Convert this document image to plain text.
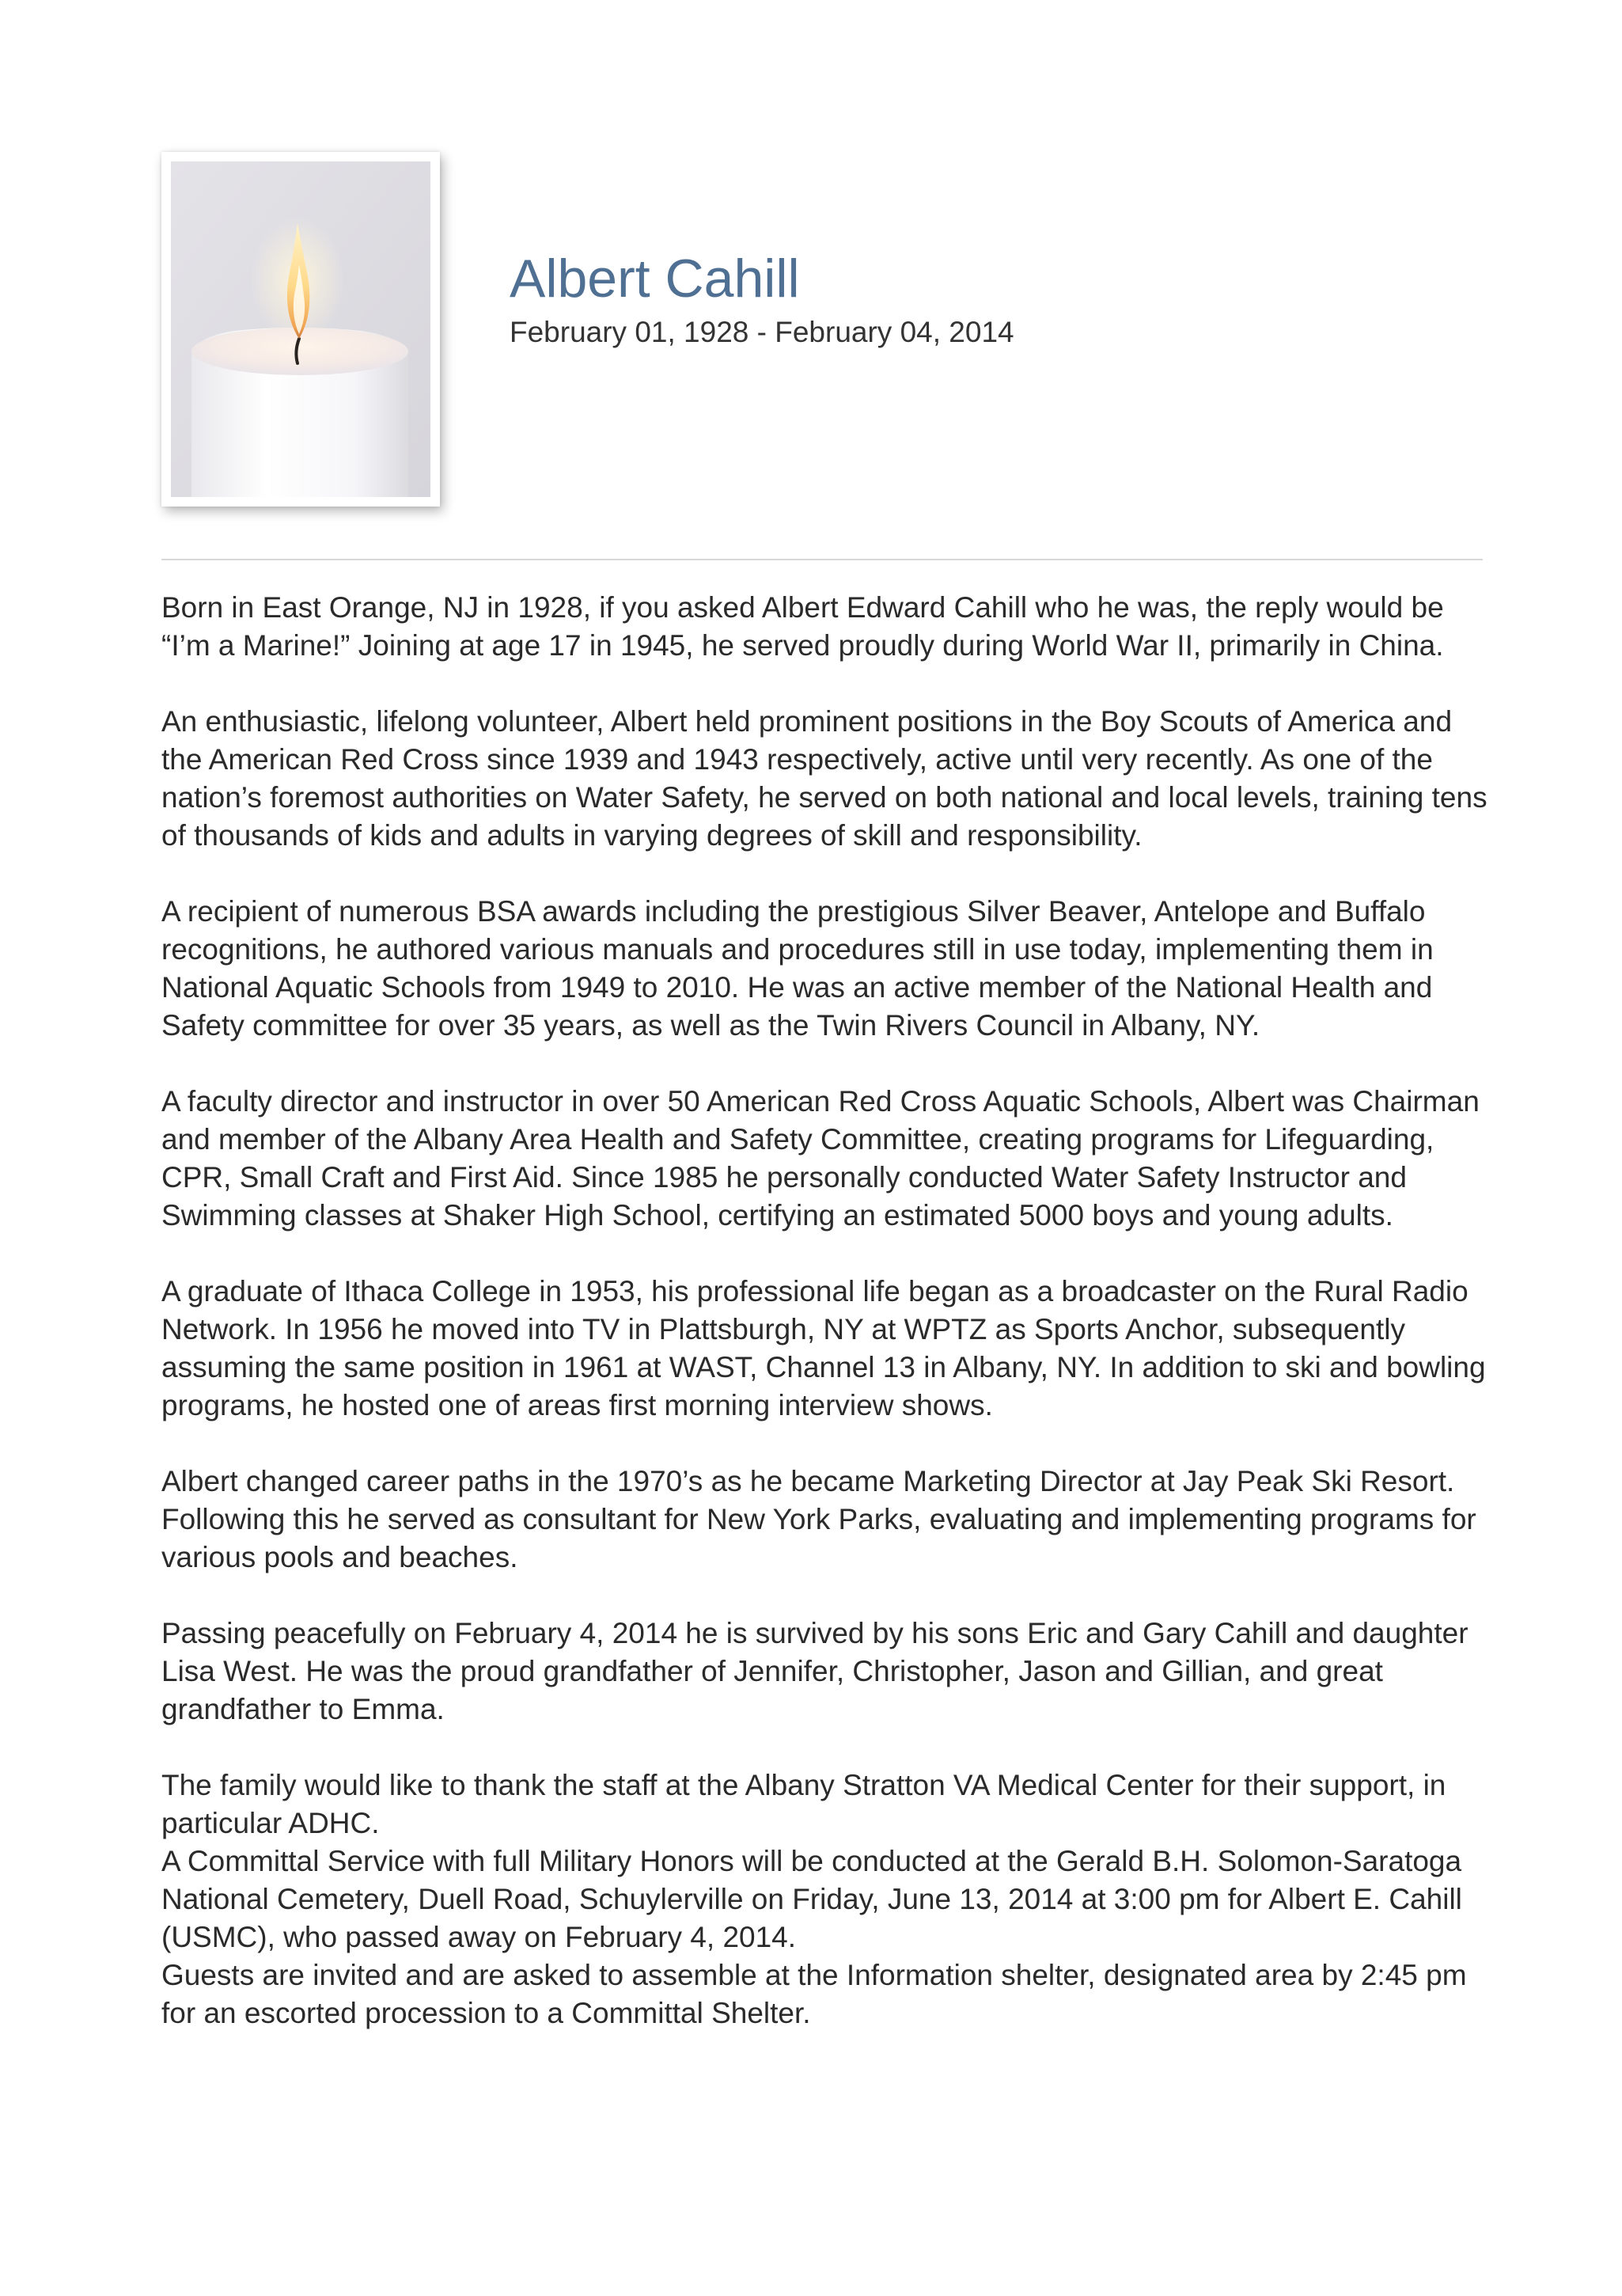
Albert Cahill
February 01, 1928 - February 04, 2014

Born in East Orange, NJ in 1928, if you asked Albert Edward Cahill who he was, the reply would be “I’m a Marine!” Joining at age 17 in 1945, he served proudly during World War II, primarily in China.

An enthusiastic, lifelong volunteer, Albert held prominent positions in the Boy Scouts of America and the American Red Cross since 1939 and 1943 respectively, active until very recently. As one of the nation’s foremost authorities on Water Safety, he served on both national and local levels, training tens of thousands of kids and adults in varying degrees of skill and responsibility.

A recipient of numerous BSA awards including the prestigious Silver Beaver, Antelope and Buffalo recognitions, he authored various manuals and procedures still in use today, implementing them in National Aquatic Schools from 1949 to 2010. He was an active member of the National Health and Safety committee for over 35 years, as well as the Twin Rivers Council in Albany, NY.

A faculty director and instructor in over 50 American Red Cross Aquatic Schools, Albert was Chairman and member of the Albany Area Health and Safety Committee, creating programs for Lifeguarding, CPR, Small Craft and First Aid. Since 1985 he personally conducted Water Safety Instructor and Swimming classes at Shaker High School, certifying an estimated 5000 boys and young adults.

A graduate of Ithaca College in 1953, his professional life began as a broadcaster on the Rural Radio Network. In 1956 he moved into TV in Plattsburgh, NY at WPTZ as Sports Anchor, subsequently assuming the same position in 1961 at WAST, Channel 13 in Albany, NY. In addition to ski and bowling programs, he hosted one of areas first morning interview shows.

Albert changed career paths in the 1970’s as he became Marketing Director at Jay Peak Ski Resort. Following this he served as consultant for New York Parks, evaluating and implementing programs for various pools and beaches.

Passing peacefully on February 4, 2014 he is survived by his sons Eric and Gary Cahill and daughter Lisa West. He was the proud grandfather of Jennifer, Christopher, Jason and Gillian, and great grandfather to Emma.

The family would like to thank the staff at the Albany Stratton VA Medical Center for their support, in particular ADHC.

A Committal Service with full Military Honors will be conducted at the Gerald B.H. Solomon-Saratoga National Cemetery, Duell Road, Schuylerville on Friday, June 13, 2014 at 3:00 pm for Albert E. Cahill (USMC), who passed away on February 4, 2014.

Guests are invited and are asked to assemble at the Information shelter, designated area by 2:45 pm for an escorted procession to a Committal Shelter.
